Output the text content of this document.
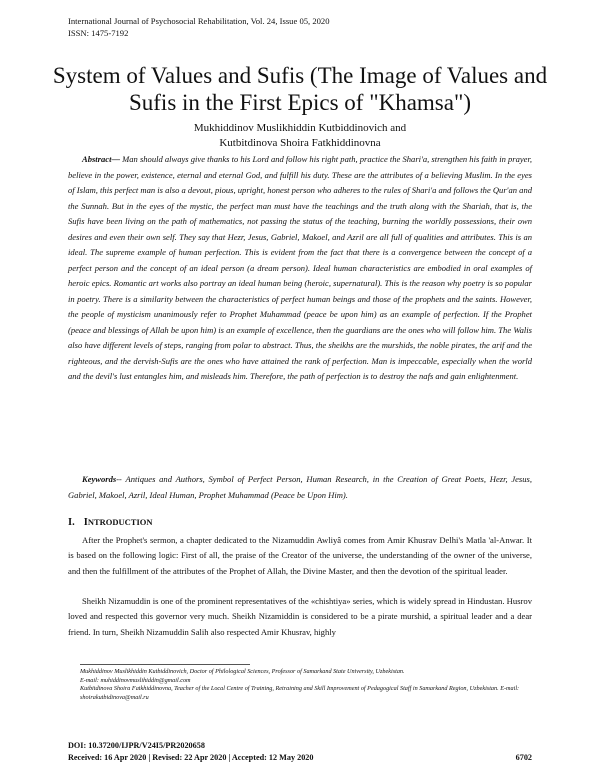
International Journal of Psychosocial Rehabilitation, Vol. 24, Issue 05, 2020
ISSN: 1475-7192
System of Values and Sufis (The Image of Values and Sufis in the First Epics of "Khamsa")
Mukhiddinov Muslikhiddin Kutbiddinovich and
Kutbitdinova Shoira Fatkhiddinovna
Abstract— Man should always give thanks to his Lord and follow his right path, practice the Shari'a, strengthen his faith in prayer, believe in the power, existence, eternal and eternal God, and fulfill his duty. These are the attributes of a believing Muslim. In the eyes of Islam, this perfect man is also a devout, pious, upright, honest person who adheres to the rules of Shari'a and follows the Qur'an and the Sunnah. But in the eyes of the mystic, the perfect man must have the teachings and the truth along with the Shariah, that is, the Sufis have been living on the path of mathematics, not passing the status of the teaching, burning the worldly possessions, their own desires and even their own self. They say that Hezr, Jesus, Gabriel, Makoel, and Azril are all full of qualities and attributes. This is an ideal. The supreme example of human perfection. This is evident from the fact that there is a convergence between the concept of a perfect person and the concept of an ideal person (a dream person). Ideal human characteristics are embodied in oral examples of heroic epics. Romantic art works also portray an ideal human being (heroic, supernatural). This is the reason why poetry is so popular in poetry. There is a similarity between the characteristics of perfect human beings and those of the prophets and the saints. However, the people of mysticism unanimously refer to Prophet Muhammad (peace be upon him) as an example of perfection. If the Prophet (peace and blessings of Allah be upon him) is an example of excellence, then the guardians are the ones who will follow him. The Walis also have different levels of steps, ranging from polar to abstract. Thus, the sheikhs are the murshids, the noble pirates, the arif and the righteous, and the dervish-Sufis are the ones who have attained the rank of perfection. Man is impeccable, especially when the world and the devil's lust entangles him, and misleads him. Therefore, the path of perfection is to destroy the nafs and gain enlightenment.
Keywords-- Antiques and Authors, Symbol of Perfect Person, Human Research, in the Creation of Great Poets, Hezr, Jesus, Gabriel, Makoel, Azril, Ideal Human, Prophet Muhammad (Peace be Upon Him).
I. INTRODUCTION
After the Prophet's sermon, a chapter dedicated to the Nizamuddin Awliyâ comes from Amir Khusrav Delhi's Matla 'al-Anwar. It is based on the following logic: First of all, the praise of the Creator of the universe, the understanding of the owner of the universe, and then the fulfillment of the attributes of the Prophet of Allah, the Divine Master, and then the devotion of the spiritual leader.
Sheikh Nizamuddin is one of the prominent representatives of the «chishtiya» series, which is widely spread in Hindustan. Husrov loved and respected this governor very much. Sheikh Nizamiddin is considered to be a pirate murshid, a spiritual leader and a dear friend. In turn, Sheikh Nizamuddin Salih also respected Amir Khusrav, highly

Mukhiddinov Muslikhiddin Kutbiddinovich, Doctor of Philological Sciences, Professor of Samarkand State University, Uzbekistan.

E-mail: muhiddinovmuslihiddin@gmail.com

Kutbitdinova Shoira Fatkhiddinovna, Teacher of the Local Centre of Training, Retraining and Skill Improvement of Pedagogical Staff in Samarkand Region, Uzbekistan. E-mail: shoirakutbidinova@mail.ru

DOI: 10.37200/IJPR/V24I5/PR2020658
Received: 16 Apr 2020 | Revised: 22 Apr 2020 | Accepted: 12 May 2020	6702
